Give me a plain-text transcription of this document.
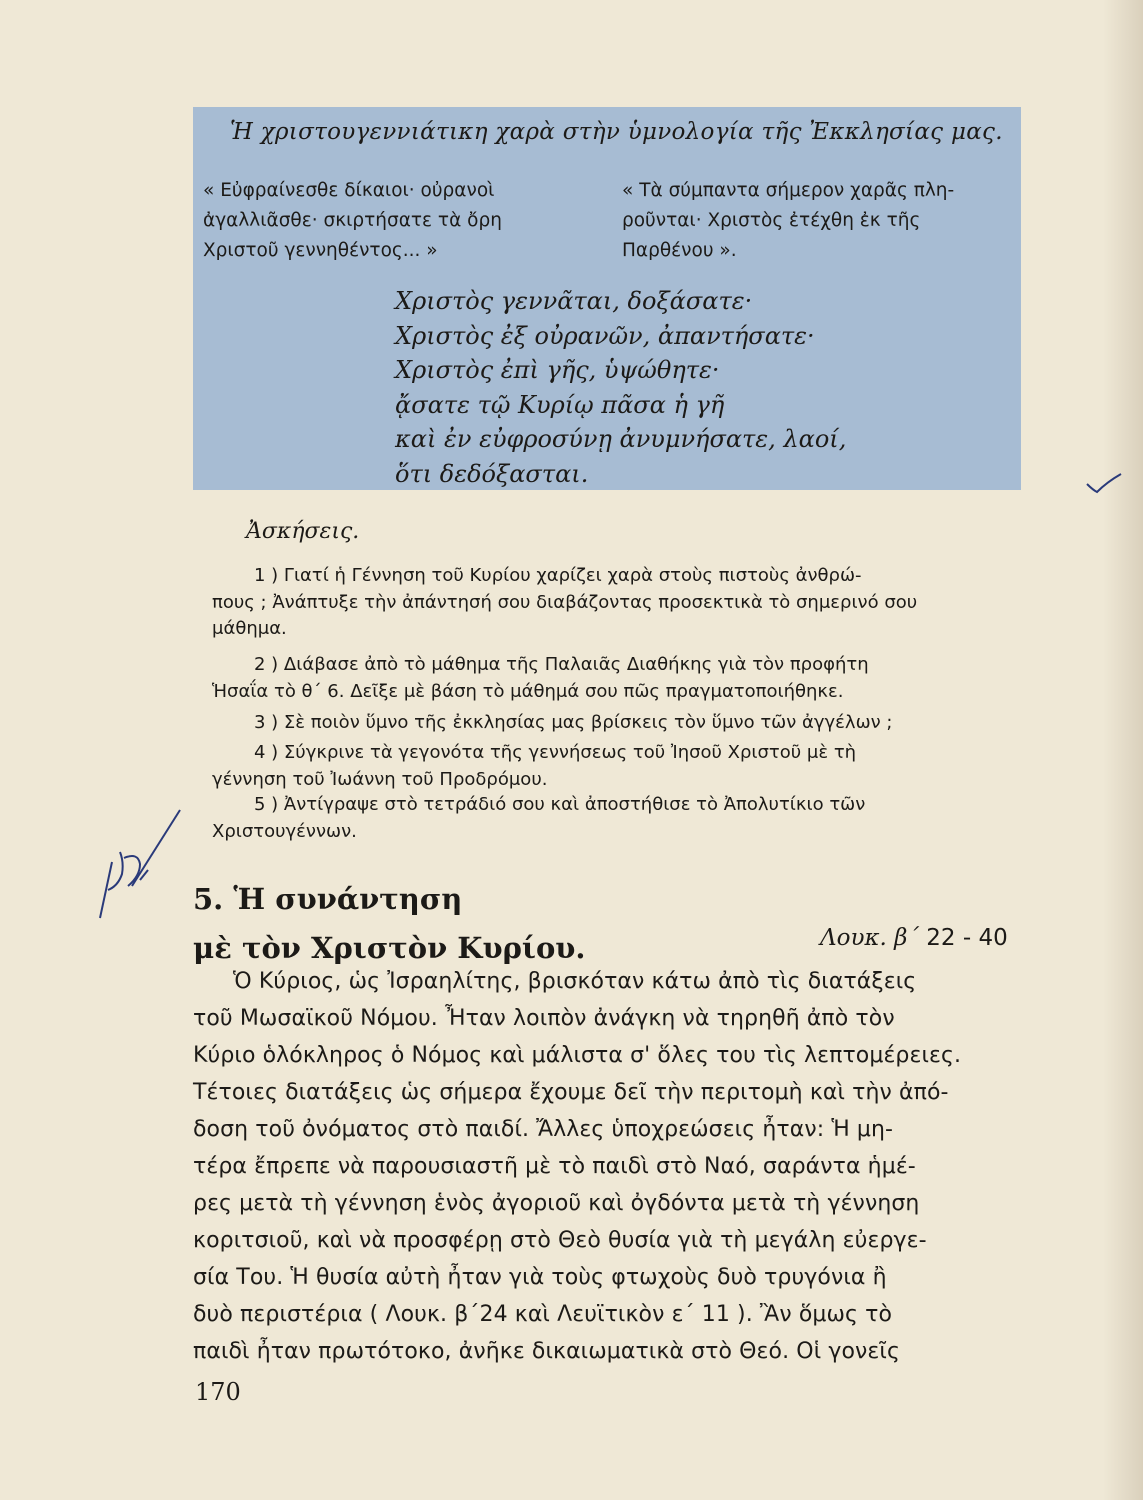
Ἡ χριστουγεννιάτικη χαρὰ στὴν ὑμνολογία τῆς Ἐκκλησίας μας.
« Εὐφραίνεσθε δίκαιοι· οὐρανοὶ
ἀγαλλιᾶσθε· σκιρτήσατε τὰ ὄρη
Χριστοῦ γεννηθέντος... »
« Τὰ σύμπαντα σήμερον χαρᾶς πλη-
ροῦνται· Χριστὸς ἐτέχθη ἐκ τῆς
Παρθένου ».
Χριστὸς γεννᾶται, δοξάσατε·
Χριστὸς ἐξ οὐρανῶν, ἀπαντήσατε·
Χριστὸς ἐπὶ γῆς, ὑψώθητε·
ᾄσατε τῷ Κυρίῳ πᾶσα ἡ γῆ
καὶ ἐν εὐφροσύνῃ ἀνυμνήσατε, λαοί,
ὅτι δεδόξασται.
Ἀσκήσεις.
1 ) Γιατί ἡ Γέννηση τοῦ Κυρίου χαρίζει χαρὰ στοὺς πιστοὺς ἀνθρώ-
πους ; Ἀνάπτυξε τὴν ἀπάντησή σου διαβάζοντας προσεκτικὰ τὸ σημερινό σου
μάθημα.
2 ) Διάβασε ἀπὸ τὸ μάθημα τῆς Παλαιᾶς Διαθήκης γιὰ τὸν προφήτη
Ἡσαΐα τὸ θ΄ 6. Δεῖξε μὲ βάση τὸ μάθημά σου πῶς πραγματοποιήθηκε.
3 ) Σὲ ποιὸν ὕμνο τῆς ἐκκλησίας μας βρίσκεις τὸν ὕμνο τῶν ἀγγέλων ;
4 ) Σύγκρινε τὰ γεγονότα τῆς γεννήσεως τοῦ Ἰησοῦ Χριστοῦ μὲ τὴ
γέννηση τοῦ Ἰωάννη τοῦ Προδρόμου.
5 ) Ἀντίγραψε στὸ τετράδιό σου καὶ ἀποστήθισε τὸ Ἀπολυτίκιο τῶν
Χριστουγέννων.
5. Ἡ συνάντηση
μὲ τὸν Χριστὸν Κυρίου.	Λουκ. β΄ 22 - 40
Ὁ Κύριος, ὡς Ἰσραηλίτης, βρισκόταν κάτω ἀπὸ τὶς διατάξεις
τοῦ Μωσαϊκοῦ Νόμου. Ἦταν λοιπὸν ἀνάγκη νὰ τηρηθῆ ἀπὸ τὸν
Κύριο ὁλόκληρος ὁ Νόμος καὶ μάλιστα σ' ὅλες του τὶς λεπτομέρειες.
Τέτοιες διατάξεις ὡς σήμερα ἔχουμε δεῖ τὴν περιτομὴ καὶ τὴν ἀπό-
δοση τοῦ ὀνόματος στὸ παιδί. Ἄλλες ὑποχρεώσεις ἦταν: Ἡ μη-
τέρα ἔπρεπε νὰ παρουσιαστῆ μὲ τὸ παιδὶ στὸ Ναό, σαράντα ἡμέ-
ρες μετὰ τὴ γέννηση ἑνὸς ἀγοριοῦ καὶ ὀγδόντα μετὰ τὴ γέννηση
κοριτσιοῦ, καὶ νὰ προσφέρῃ στὸ Θεὸ θυσία γιὰ τὴ μεγάλη εὐεργε-
σία Του. Ἡ θυσία αὐτὴ ἦταν γιὰ τοὺς φτωχοὺς δυὸ τρυγόνια ἢ
δυὸ περιστέρια ( Λουκ. β΄24 καὶ Λευϊτικὸν ε΄ 11 ). Ἂν ὅμως τὸ
παιδὶ ἦταν πρωτότοκο, ἀνῆκε δικαιωματικὰ στὸ Θεό. Οἱ γονεῖς
170
